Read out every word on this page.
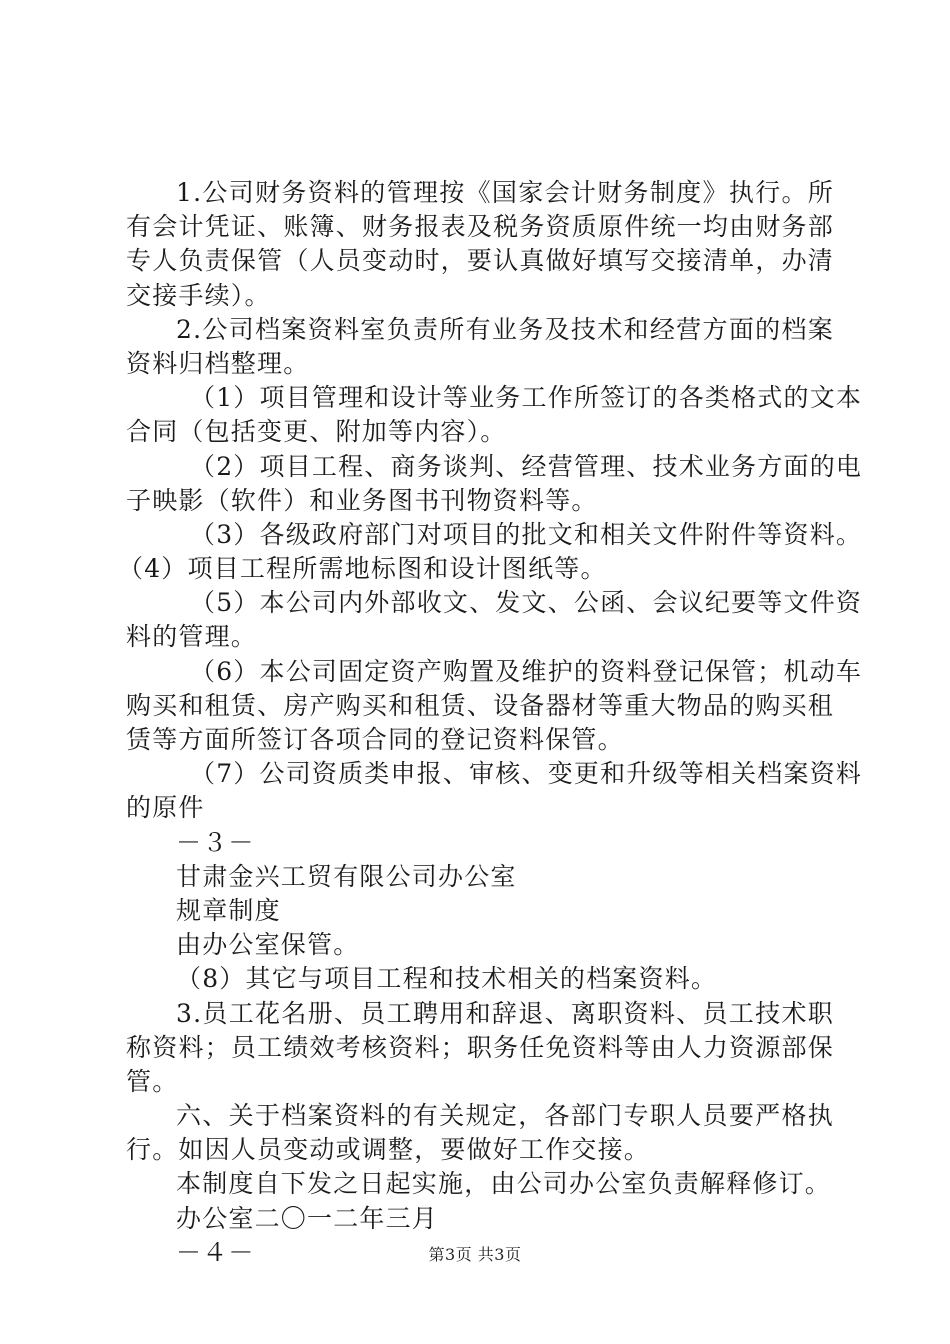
1.公司财务资料的管理按《国家会计财务制度》执行。所
有会计凭证、账簿、财务报表及税务资质原件统一均由财务部
专人负责保管（人员变动时，要认真做好填写交接清单，办清
交接手续）。
2.公司档案资料室负责所有业务及技术和经营方面的档案
资料归档整理。
（1）项目管理和设计等业务工作所签订的各类格式的文本
合同（包括变更、附加等内容）。
（2）项目工程、商务谈判、经营管理、技术业务方面的电
子映影（软件）和业务图书刊物资料等。
（3）各级政府部门对项目的批文和相关文件附件等资料。
（4）项目工程所需地标图和设计图纸等。
（5）本公司内外部收文、发文、公函、会议纪要等文件资
料的管理。
（6）本公司固定资产购置及维护的资料登记保管；机动车
购买和租赁、房产购买和租赁、设备器材等重大物品的购买租
赁等方面所签订各项合同的登记资料保管。
（7）公司资质类申报、审核、变更和升级等相关档案资料
的原件
－３－
甘肃金兴工贸有限公司办公室
规章制度
由办公室保管。
（8）其它与项目工程和技术相关的档案资料。
3.员工花名册、员工聘用和辞退、离职资料、员工技术职
称资料；员工绩效考核资料；职务任免资料等由人力资源部保
管。
六、关于档案资料的有关规定，各部门专职人员要严格执
行。如因人员变动或调整，要做好工作交接。
本制度自下发之日起实施，由公司办公室负责解释修订。
办公室二〇一二年三月
－４－	第3页 共3页
